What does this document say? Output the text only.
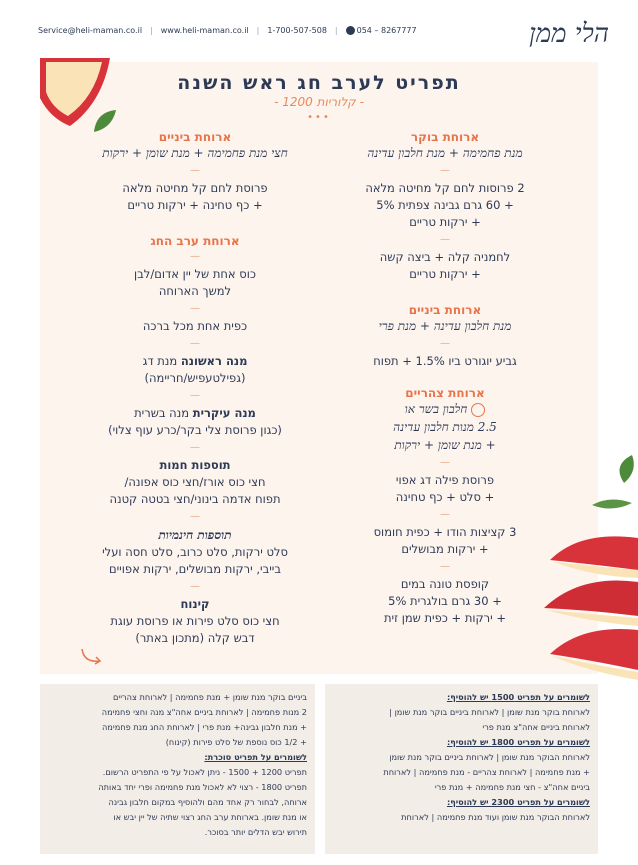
Service@heli-maman.co.il | www.heli-maman.co.il | 1-700-507-508 |	054 – 8267777	הלי ממן
תפריט לערב חג ראש השנה
- 1200 קלוריות -
•••
ארוחת בוקר
מנת פחמימה + מנת חלבון עדינה
—
2 פרוסות לחם קל מחיטה מלאה
+ 60 גרם גבינה צפתית 5%
+ ירקות טריים
—
לחמניה קלה + ביצה קשה
+ ירקות טריים
ארוחת ביניים
מנת חלבון עדינה + מנת פרי
—
גביע יוגורט ביו 1.5% + תפוח
ארוחת צהריים
חלבון בשר או
2.5 מנות חלבון עדינה
+ מנת שומן + ירקות
—
פרוסת פילה דג אפוי
+ סלט + כף טחינה
—
3 קציצות הודו + כפית חומוס
+ ירקות מבושלים
—
קופסת טונה במים
+ 30 גרם בולגרית 5%
+ ירקות + כפית שמן זית
ארוחת ביניים
חצי מנת פחמימה + מנת שומן + ירקות
—
פרוסת לחם קל מחיטה מלאה
+ כף טחינה + ירקות טריים
ארוחת ערב החג
—
כוס אחת של יין אדום/לבן
למשך הארוחה
—
כפית אחת מכל ברכה
—
מנה ראשונה מנת דג
(גפילטעפיש/חריימה)
—
מנה עיקרית מנה בשרית
(כגון פרוסת צלי בקר/כרע עוף צלוי)
—
תוספות חמות
חצי כוס אורז/חצי כוס אפונה/
תפוח אדמה בינוני/חצי בטטה קטנה
—
תוספות חינמיות
סלט ירקות, סלט כרוב, סלט חסה ועלי
בייבי, ירקות מבושלים, ירקות אפויים
—
קינוח
חצי כוס סלט פירות או פרוסת עוגת
דבש קלה (מתכון באתר)
לשומרים על תפריט 1500 יש להוסיף:
לארוחת בוקר מנת שומן | לארוחת ביניים בוקר מנת שומן |
לארוחת ביניים אחה"צ מנת פרי
לשומרים על תפריט 1800 יש להוסיף:
לארוחת הבוקר מנת שומן | לארוחת ביניים בוקר מנת שומן
+ מנת פחמימה | לארוחת צהריים - מנת פחמימה | לארוחת
ביניים אחה"צ - חצי מנת פחמימה + מנת פרי
לשומרים על תפריט 2300 יש להוסיף:
לארוחת הבוקר מנת שומן ועוד מנת פחמימה | לארוחת
ביניים בוקר מנת שומן + מנת פחמימה | לארוחת צהריים
2 מנות פחמימה | לארוחת ביניים אחה"צ מנה וחצי פחמימה
+ מנת חלבון גבינה+ מנת פרי | לארוחת החג מנת פחמימה
+ 1/2 כוס נוספת של סלט פירות (קינוח)
לשומרים על תפריט סוכרת:
תפריט 1200 + 1500 - ניתן לאכול על פי התפריט הרשום.
תפריט 1800 - רצוי לא לאכול מנת פחמימה ופרי יחד באותה
ארוחה, לבחור רק אחד מהם ולהוסיף במקום חלבון גבינה
או מנת שומן. בארוחת ערב החג רצוי שתיה של יין יבש או
תירוש יבש הדלים יותר בסוכר.
